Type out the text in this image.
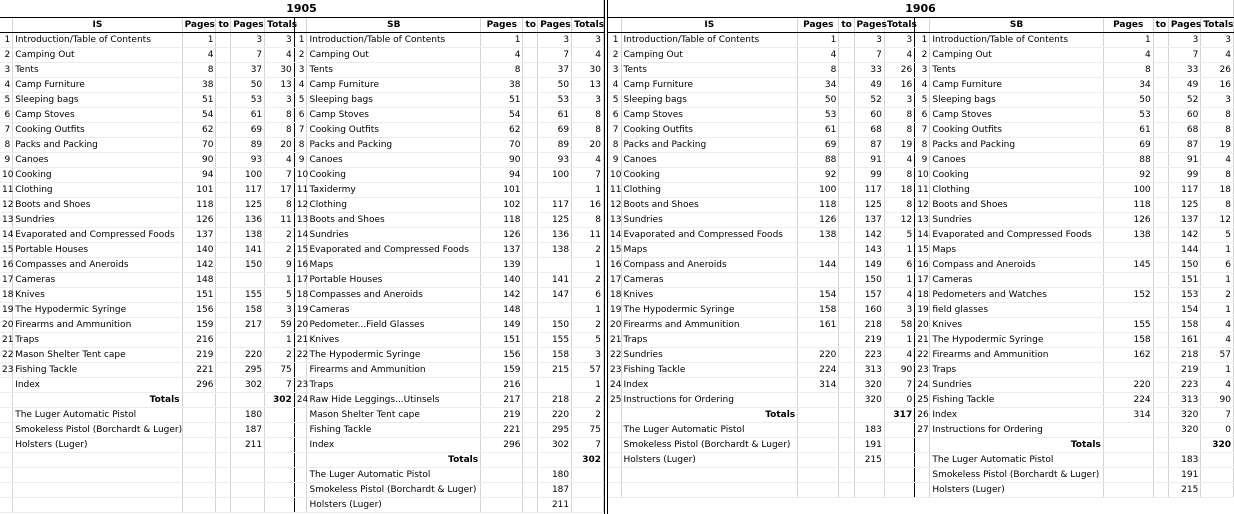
1905											
	IS	Pages	to	Pages	Totals		SB	Pages	to	Pages	Totals
1	Introduction/Table of Contents	1		3	3	1	Introduction/Table of Contents	1		3	3
2	Camping Out	4		7	4	2	Camping Out	4		7	4
3	Tents	8		37	30	3	Tents	8		37	30
4	Camp Furniture	38		50	13	4	Camp Furniture	38		50	13
5	Sleeping bags	51		53	3	5	Sleeping bags	51		53	3
6	Camp Stoves	54		61	8	6	Camp Stoves	54		61	8
7	Cooking Outfits	62		69	8	7	Cooking Outfits	62		69	8
8	Packs and Packing	70		89	20	8	Packs and Packing	70		89	20
9	Canoes	90		93	4	9	Canoes	90		93	4
10	Cooking	94		100	7	10	Cooking	94		100	7
11	Clothing	101		117	17	11	Taxidermy	101			1
12	Boots and Shoes	118		125	8	12	Clothing	102		117	16
13	Sundries	126		136	11	13	Boots and Shoes	118		125	8
14	Evaporated and Compressed Foods	137		138	2	14	Sundries	126		136	11
15	Portable Houses	140		141	2	15	Evaporated and Compressed Foods	137		138	2
16	Compasses and Aneroids	142		150	9	16	Maps	139			1
17	Cameras	148			1	17	Portable Houses	140		141	2
18	Knives	151		155	5	18	Compasses and Aneroids	142		147	6
19	The Hypodermic Syringe	156		158	3	19	Cameras	148			1
20	Firearms and Ammunition	159		217	59	20	Pedometer...Field Glasses	149		150	2
21	Traps	216			1	21	Knives	151		155	5
22	Mason Shelter Tent cape	219		220	2	22	The Hypodermic Syringe	156		158	3
23	Fishing Tackle	221		295	75		Firearms and Ammunition	159		215	57
	Index	296		302	7	23	Traps	216			1
	Totals				302	24	Raw Hide Leggings...Utinsels	217		218	2
	The Luger Automatic Pistol			180			Mason Shelter Tent cape	219		220	2
	Smokeless Pistol (Borchardt & Luger)			187			Fishing Tackle	221		295	75
	Holsters (Luger)			211			Index	296		302	7
							Totals				302
							The Luger Automatic Pistol			180	
							Smokeless Pistol (Borchardt & Luger)			187	
							Holsters (Luger)			211	
1906											
	IS	Pages	to	Pages	Totals		SB	Pages	to	Pages	Totals
1	Introduction/Table of Contents	1		3	3	1	Introduction/Table of Contents	1		3	3
2	Camping Out	4		7	4	2	Camping Out	4		7	4
3	Tents	8		33	26	3	Tents	8		33	26
4	Camp Furniture	34		49	16	4	Camp Furniture	34		49	16
5	Sleeping bags	50		52	3	5	Sleeping bags	50		52	3
6	Camp Stoves	53		60	8	6	Camp Stoves	53		60	8
7	Cooking Outfits	61		68	8	7	Cooking Outfits	61		68	8
8	Packs and Packing	69		87	19	8	Packs and Packing	69		87	19
9	Canoes	88		91	4	9	Canoes	88		91	4
10	Cooking	92		99	8	10	Cooking	92		99	8
11	Clothing	100		117	18	11	Clothing	100		117	18
12	Boots and Shoes	118		125	8	12	Boots and Shoes	118		125	8
13	Sundries	126		137	12	13	Sundries	126		137	12
14	Evaporated and Compressed Foods	138		142	5	14	Evaporated and Compressed Foods	138		142	5
15	Maps			143	1	15	Maps			144	1
16	Compass and Aneroids	144		149	6	16	Compass and Aneroids	145		150	6
17	Cameras			150	1	17	Cameras			151	1
18	Knives	154		157	4	18	Pedometers and Watches	152		153	2
19	The Hypodermic Syringe	158		160	3	19	field glasses			154	1
20	Firearms and Ammunition	161		218	58	20	Knives	155		158	4
21	Traps			219	1	21	The Hypodermic Syringe	158		161	4
22	Sundries	220		223	4	22	Firearms and Ammunition	162		218	57
23	Fishing Tackle	224		313	90	23	Traps			219	1
24	Index	314		320	7	24	Sundries	220		223	4
25	Instructions for Ordering			320	0	25	Fishing Tackle	224		313	90
	Totals				317	26	Index	314		320	7
	The Luger Automatic Pistol			183		27	Instructions for Ordering			320	0
	Smokeless Pistol (Borchardt & Luger)			191			Totals				320
	Holsters (Luger)			215			The Luger Automatic Pistol			183	
							Smokeless Pistol (Borchardt & Luger)			191	
							Holsters (Luger)			215	
